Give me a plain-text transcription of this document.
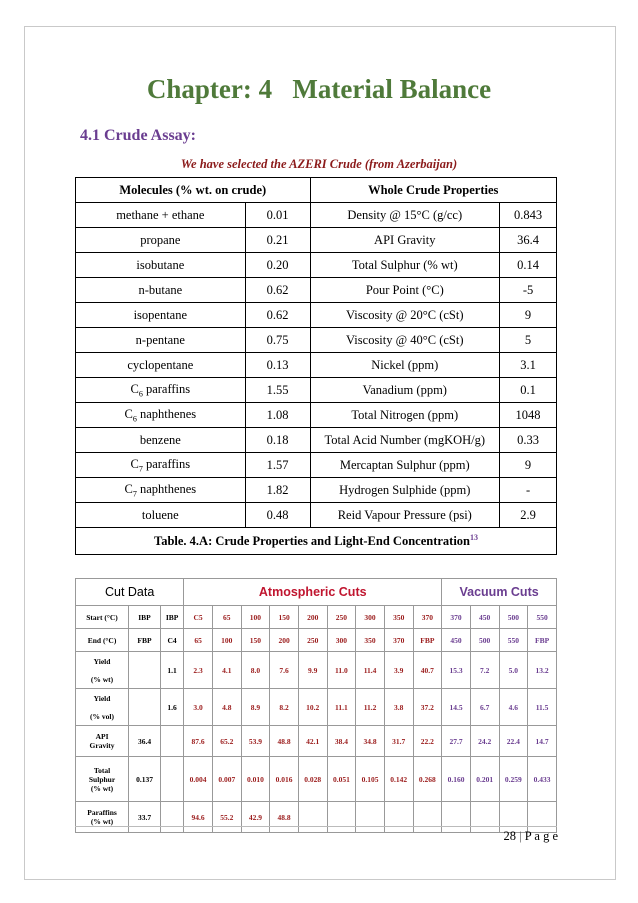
Chapter: 4   Material Balance
4.1 Crude Assay:

We have selected the AZERI Crude (from Azerbaijan)

Molecules (% wt. on crude)		Whole Crude Properties	
methane + ethane	0.01	Density @ 15°C (g/cc)	0.843
propane	0.21	API Gravity	36.4
isobutane	0.20	Total Sulphur (% wt)	0.14
n-butane	0.62	Pour Point (°C)	-5
isopentane	0.62	Viscosity @ 20°C (cSt)	9
n-pentane	0.75	Viscosity @ 40°C (cSt)	5
cyclopentane	0.13	Nickel (ppm)	3.1
$C_6$ paraffins	1.55	Vanadium (ppm)	0.1
$C_6$ naphthenes	1.08	Total Nitrogen (ppm)	1048
benzene	0.18	Total Acid Number (mgKOH/g)	0.33
$C_7$ paraffins	1.57	Mercaptan Sulphur (ppm)	9
$C_7$ naphthenes	1.82	Hydrogen Sulphide (ppm)	-
toluene	0.48	Reid Vapour Pressure (psi)	2.9
Table. 4.A: Crude Properties and Light-End Concentration$^{13}$
Cut Data			Atmospheric Cuts									Vacuum Cuts			
Start (°C)	IBP	IBP	C5	65	100	150	200	250	300	350	370	370	450	500	550
End (°C)	FBP	C4	65	100	150	200	250	300	350	370	FBP	450	500	550	FBP
Yield

(% wt)		1.1	2.3	4.1	8.0	7.6	9.9	11.0	11.4	3.9	40.7	15.3	7.2	5.0	13.2
Yield

(% vol)		1.6	3.0	4.8	8.9	8.2	10.2	11.1	11.2	3.8	37.2	14.5	6.7	4.6	11.5
API
Gravity	36.4		87.6	65.2	53.9	48.8	42.1	38.4	34.8	31.7	22.2	27.7	24.2	22.4	14.7
Total
Sulphur
(% wt)	0.137		0.004	0.007	0.010	0.016	0.028	0.051	0.105	0.142	0.268	0.160	0.201	0.259	0.433
Paraffins
(% wt)	33.7		94.6	55.2	42.9	48.8									
28 | P a g e
